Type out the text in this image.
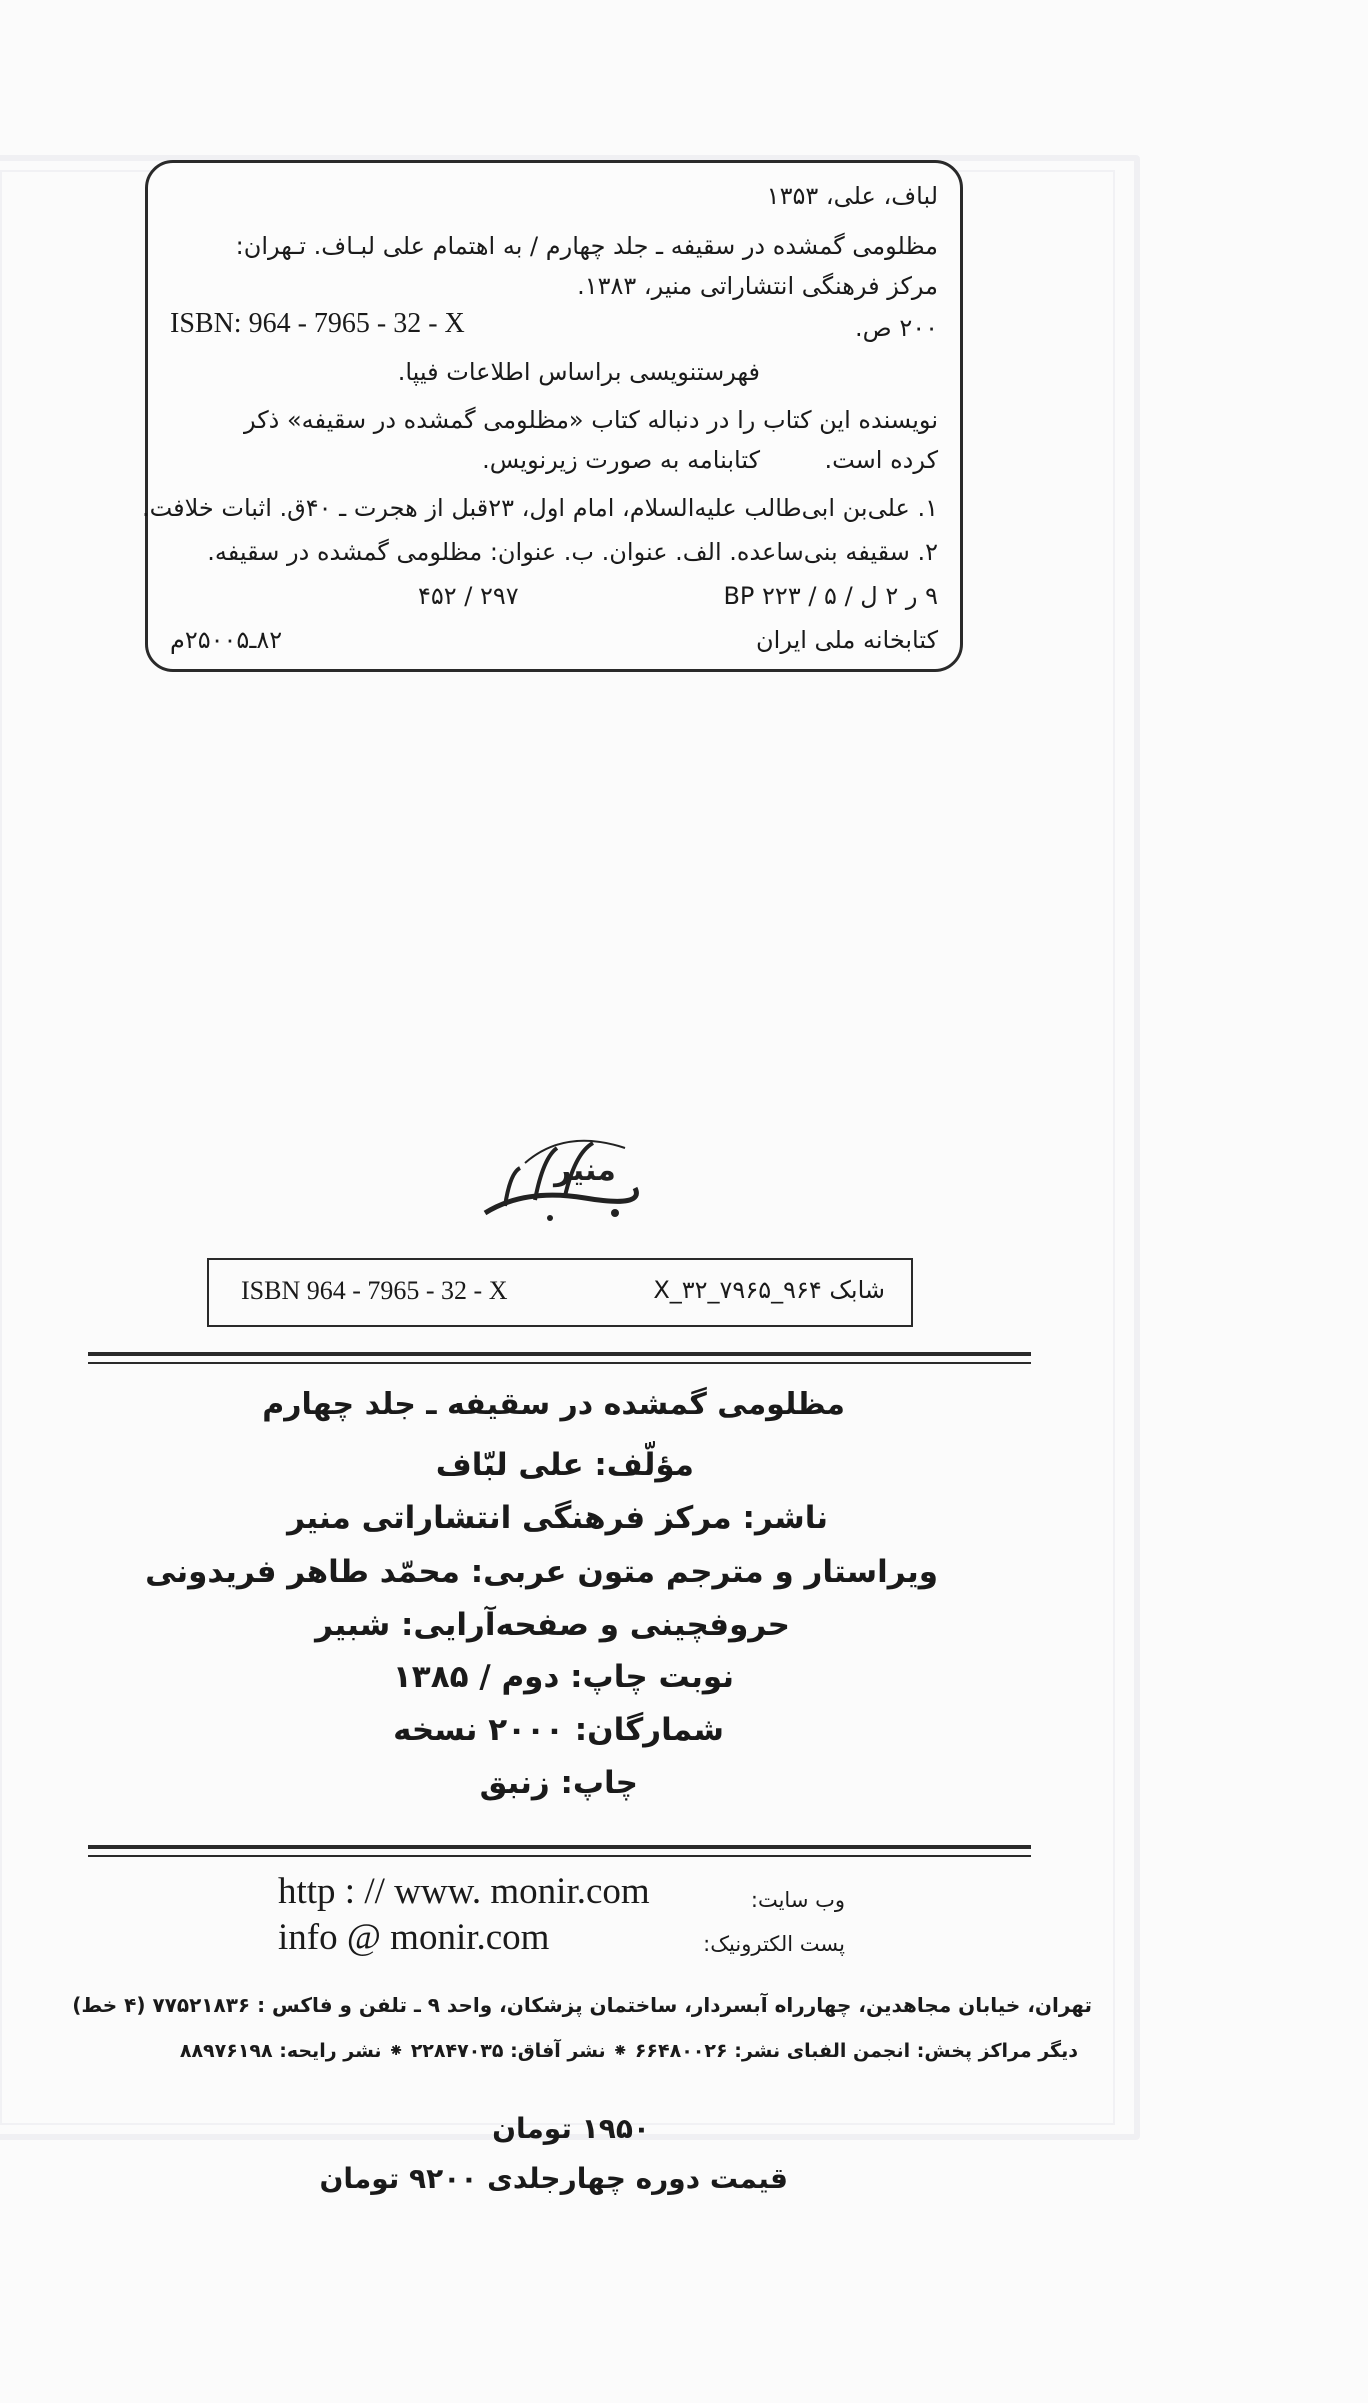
لباف، علی، ۱۳۵۳
مظلومی گمشده در سقیفه ـ جلد چهارم / به اهتمام علی لبـاف. تـهران:
مرکز فرهنگی انتشاراتی منیر، ۱۳۸۳.
۲۰۰ ص.
ISBN: 964 - 7965 - 32 - X
فهرستنویسی براساس اطلاعات فیپا.
نویسنده این کتاب را در دنباله کتاب «مظلومی گمشده در سقیفه» ذکر
کرده است.
کتابنامه به صورت زیرنویس.
۱. علی‌بن ابی‌طالب علیه‌السلام، امام اول، ۲۳قبل از هجرت ـ ۴۰ق. اثبات خلافت.
۲. سقیفه بنی‌ساعده. الف. عنوان. ب. عنوان: مظلومی گمشده در سقیفه.
۹ ر ۲ ل / ۵ / ۲۲۳ BP
۲۹۷ / ۴۵۲
کتابخانه ملی ایران
۸۲ـ۲۵۰۰۵م
منیر
ISBN 964 - 7965 - 32 - X	شابک X_۳۲_۷۹۶۵_۹۶۴
مظلومی گمشده در سقیفه ـ جلد چهارم
مؤلّف: علی لبّاف
ناشر: مرکز فرهنگی انتشاراتی منیر
ویراستار و مترجم متون عربی: محمّد طاهر فریدونی
حروفچینی و صفحه‌آرایی: شبیر
نوبت چاپ: دوم / ۱۳۸۵
شمارگان: ۲۰۰۰ نسخه
چاپ: زنبق
وب سایت:
http : // www. monir.com
پست الکترونیک:
info @ monir.com
تهران، خیابان مجاهدین، چهارراه آبسردار، ساختمان پزشکان، واحد ۹ ـ تلفن و فاکس : ۷۷۵۲۱۸۳۶ (۴ خط)
دیگر مراکز پخش: انجمن الفبای نشر: ۶۶۴۸۰۰۲۶ ⁕ نشر آفاق: ۲۲۸۴۷۰۳۵ ⁕ نشر رایحه: ۸۸۹۷۶۱۹۸
۱۹۵۰ تومان
قیمت دوره چهارجلدی ۹۲۰۰ تومان
